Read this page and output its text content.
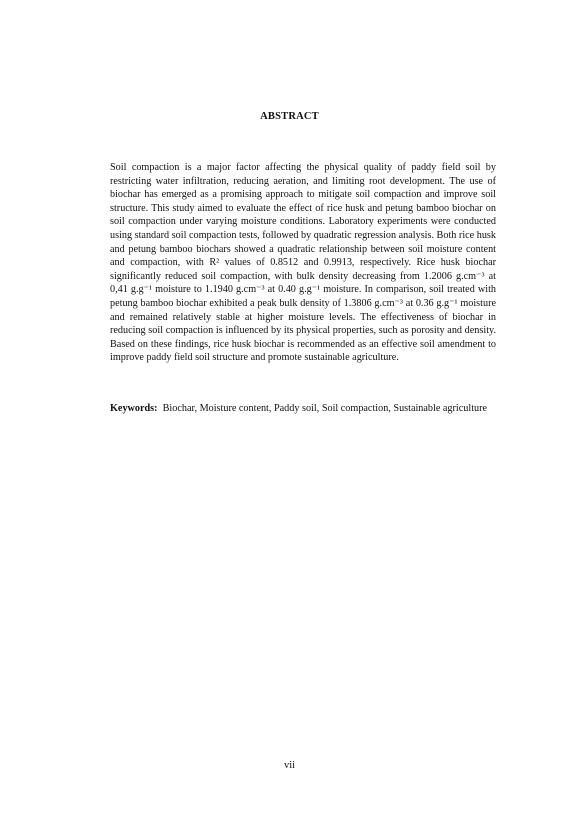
ABSTRACT

Soil compaction is a major factor affecting the physical quality of paddy field soil by restricting water infiltration, reducing aeration, and limiting root development. The use of biochar has emerged as a promising approach to mitigate soil compaction and improve soil structure. This study aimed to evaluate the effect of rice husk and petung bamboo biochar on soil compaction under varying moisture conditions. Laboratory experiments were conducted using standard soil compaction tests, followed by quadratic regression analysis. Both rice husk and petung bamboo biochars showed a quadratic relationship between soil moisture content and compaction, with R² values of 0.8512 and 0.9913, respectively. Rice husk biochar significantly reduced soil compaction, with bulk density decreasing from 1.2006 g.cm⁻³ at 0,41 g.g⁻¹ moisture to 1.1940 g.cm⁻³ at 0.40 g.g⁻¹ moisture. In comparison, soil treated with petung bamboo biochar exhibited a peak bulk density of 1.3806 g.cm⁻³ at 0.36 g.g⁻¹ moisture and remained relatively stable at higher moisture levels. The effectiveness of biochar in reducing soil compaction is influenced by its physical properties, such as porosity and density. Based on these findings, rice husk biochar is recommended as an effective soil amendment to improve paddy field soil structure and promote sustainable agriculture.

Keywords: Biochar, Moisture content, Paddy soil, Soil compaction, Sustainable agriculture

vii
